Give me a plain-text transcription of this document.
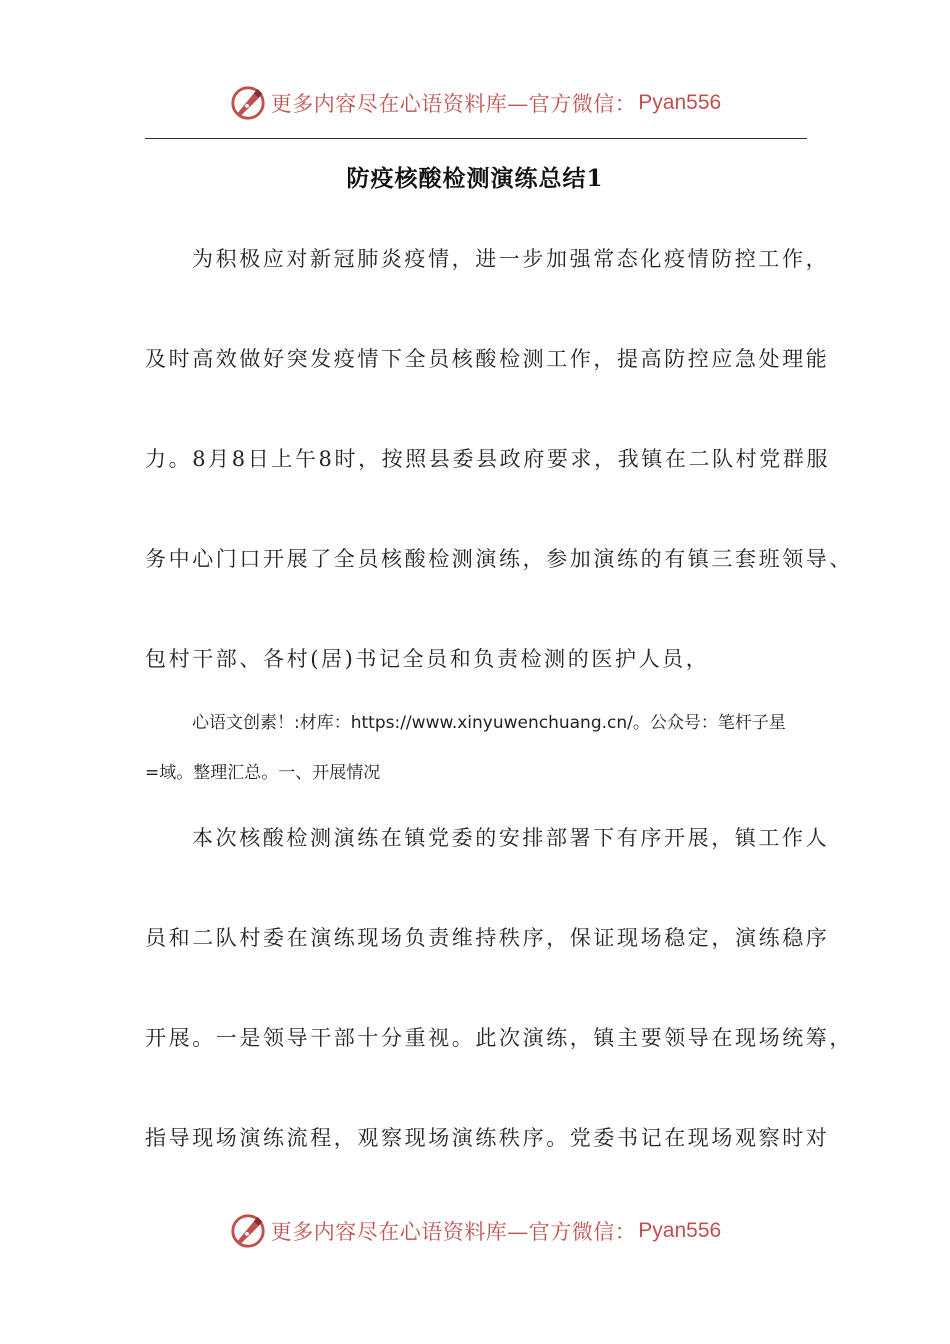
更多内容尽在心语资料库—官方微信： Pyan556
防疫核酸检测演练总结1
为积极应对新冠肺炎疫情，进一步加强常态化疫情防控工作，
及时高效做好突发疫情下全员核酸检测工作，提高防控应急处理能
力。8月8日上午8时，按照县委县政府要求，我镇在二队村党群服
务中心门口开展了全员核酸检测演练，参加演练的有镇三套班领导、
包村干部、各村(居)书记全员和负责检测的医护人员，
心语文创素！:材库：https://www.xinyuwenchuang.cn/。公众号：笔杆子星
=域。整理汇总。一、开展情况
本次核酸检测演练在镇党委的安排部署下有序开展，镇工作人
员和二队村委在演练现场负责维持秩序，保证现场稳定，演练稳序
开展。一是领导干部十分重视。此次演练，镇主要领导在现场统筹，
指导现场演练流程，观察现场演练秩序。党委书记在现场观察时对
更多内容尽在心语资料库—官方微信： Pyan556
